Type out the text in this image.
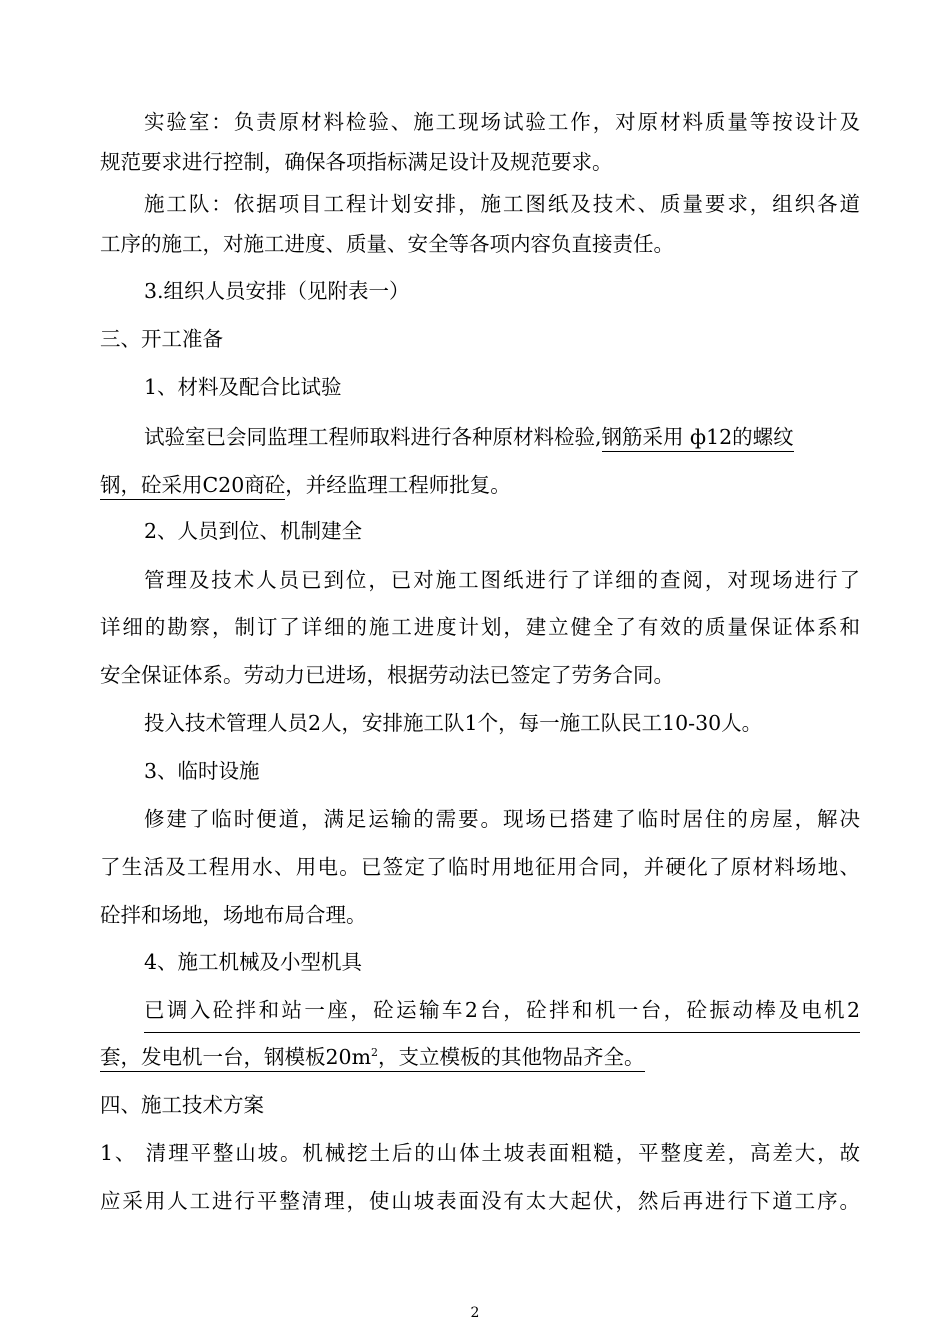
实验室：负责原材料检验、施工现场试验工作，对原材料质量等按设计及
规范要求进行控制，确保各项指标满足设计及规范要求。
施工队：依据项目工程计划安排，施工图纸及技术、质量要求，组织各道
工序的施工，对施工进度、质量、安全等各项内容负直接责任。
3.组织人员安排（见附表一）
三、开工准备
1、材料及配合比试验
试验室已会同监理工程师取料进行各种原材料检验,钢筋采用 ф12的螺纹
钢，砼采用C20商砼，并经监理工程师批复。
2、人员到位、机制建全
管理及技术人员已到位，已对施工图纸进行了详细的查阅，对现场进行了
详细的勘察，制订了详细的施工进度计划，建立健全了有效的质量保证体系和
安全保证体系。劳动力已进场，根据劳动法已签定了劳务合同。
投入技术管理人员2人，安排施工队1个，每一施工队民工10-30人。
3、临时设施
修建了临时便道，满足运输的需要。现场已搭建了临时居住的房屋，解决
了生活及工程用水、用电。已签定了临时用地征用合同，并硬化了原材料场地、
砼拌和场地，场地布局合理。
4、施工机械及小型机具
已调入砼拌和站一座，砼运输车2台，砼拌和机一台，砼振动棒及电机2
套，发电机一台，钢模板$20m^2$，支立模板的其他物品齐全。
四、施工技术方案
1、 清理平整山坡。机械挖土后的山体土坡表面粗糙，平整度差，高差大，故
应采用人工进行平整清理，使山坡表面没有太大起伏，然后再进行下道工序。
2
